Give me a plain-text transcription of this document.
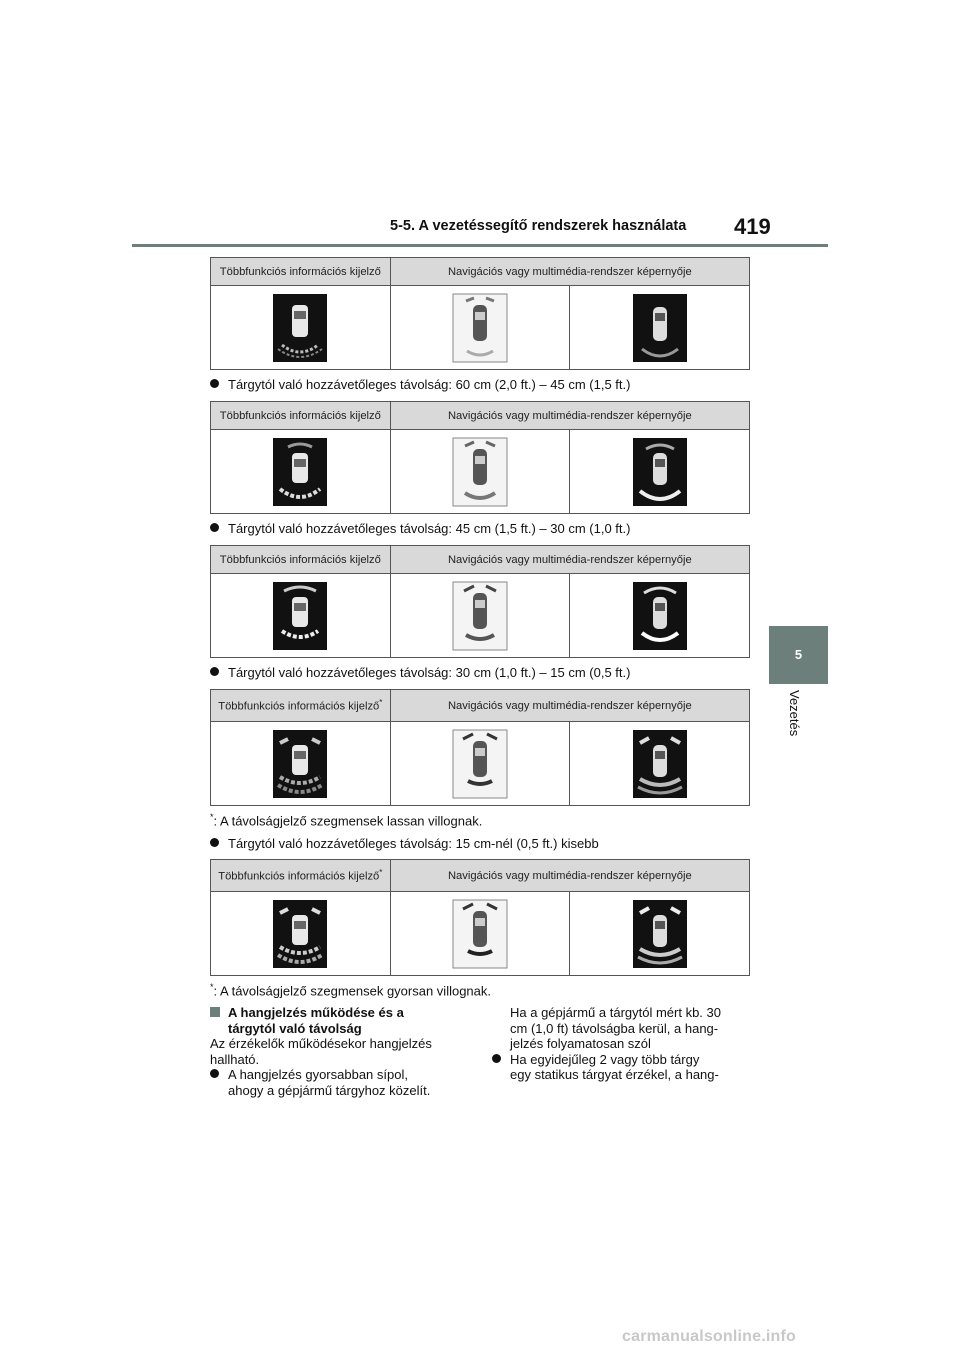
5-5. A vezetéssegítő rendszerek használata 419
5
Vezetés
Többfunkciós információs kijelző	Navigációs vagy multimédia-rendszer képernyője	

Tárgytól való hozzávetőleges távolság: 60 cm (2,0 ft.) – 45 cm (1,5 ft.)
Többfunkciós információs kijelző	Navigációs vagy multimédia-rendszer képernyője	

Tárgytól való hozzávetőleges távolság: 45 cm (1,5 ft.) – 30 cm (1,0 ft.)
Többfunkciós információs kijelző	Navigációs vagy multimédia-rendszer képernyője	

Tárgytól való hozzávetőleges távolság: 30 cm (1,0 ft.) – 15 cm (0,5 ft.)
Többfunkciós információs kijelző*	Navigációs vagy multimédia-rendszer képernyője	

*: A távolságjelző szegmensek lassan villognak.
Tárgytól való hozzávetőleges távolság: 15 cm-nél (0,5 ft.) kisebb
Többfunkciós információs kijelző*	Navigációs vagy multimédia-rendszer képernyője	

*: A távolságjelző szegmensek gyorsan villognak.
A hangjelzés működése és a
tárgytól való távolság
Az érzékelők működésekor hangjelzés
hallható.
A hangjelzés gyorsabban sípol,
ahogy a gépjármű tárgyhoz közelít.
Ha a gépjármű a tárgytól mért kb. 30
cm (1,0 ft) távolságba kerül, a hang-
jelzés folyamatosan szól
Ha egyidejűleg 2 vagy több tárgy
egy statikus tárgyat érzékel, a hang-
carmanualsonline.info
